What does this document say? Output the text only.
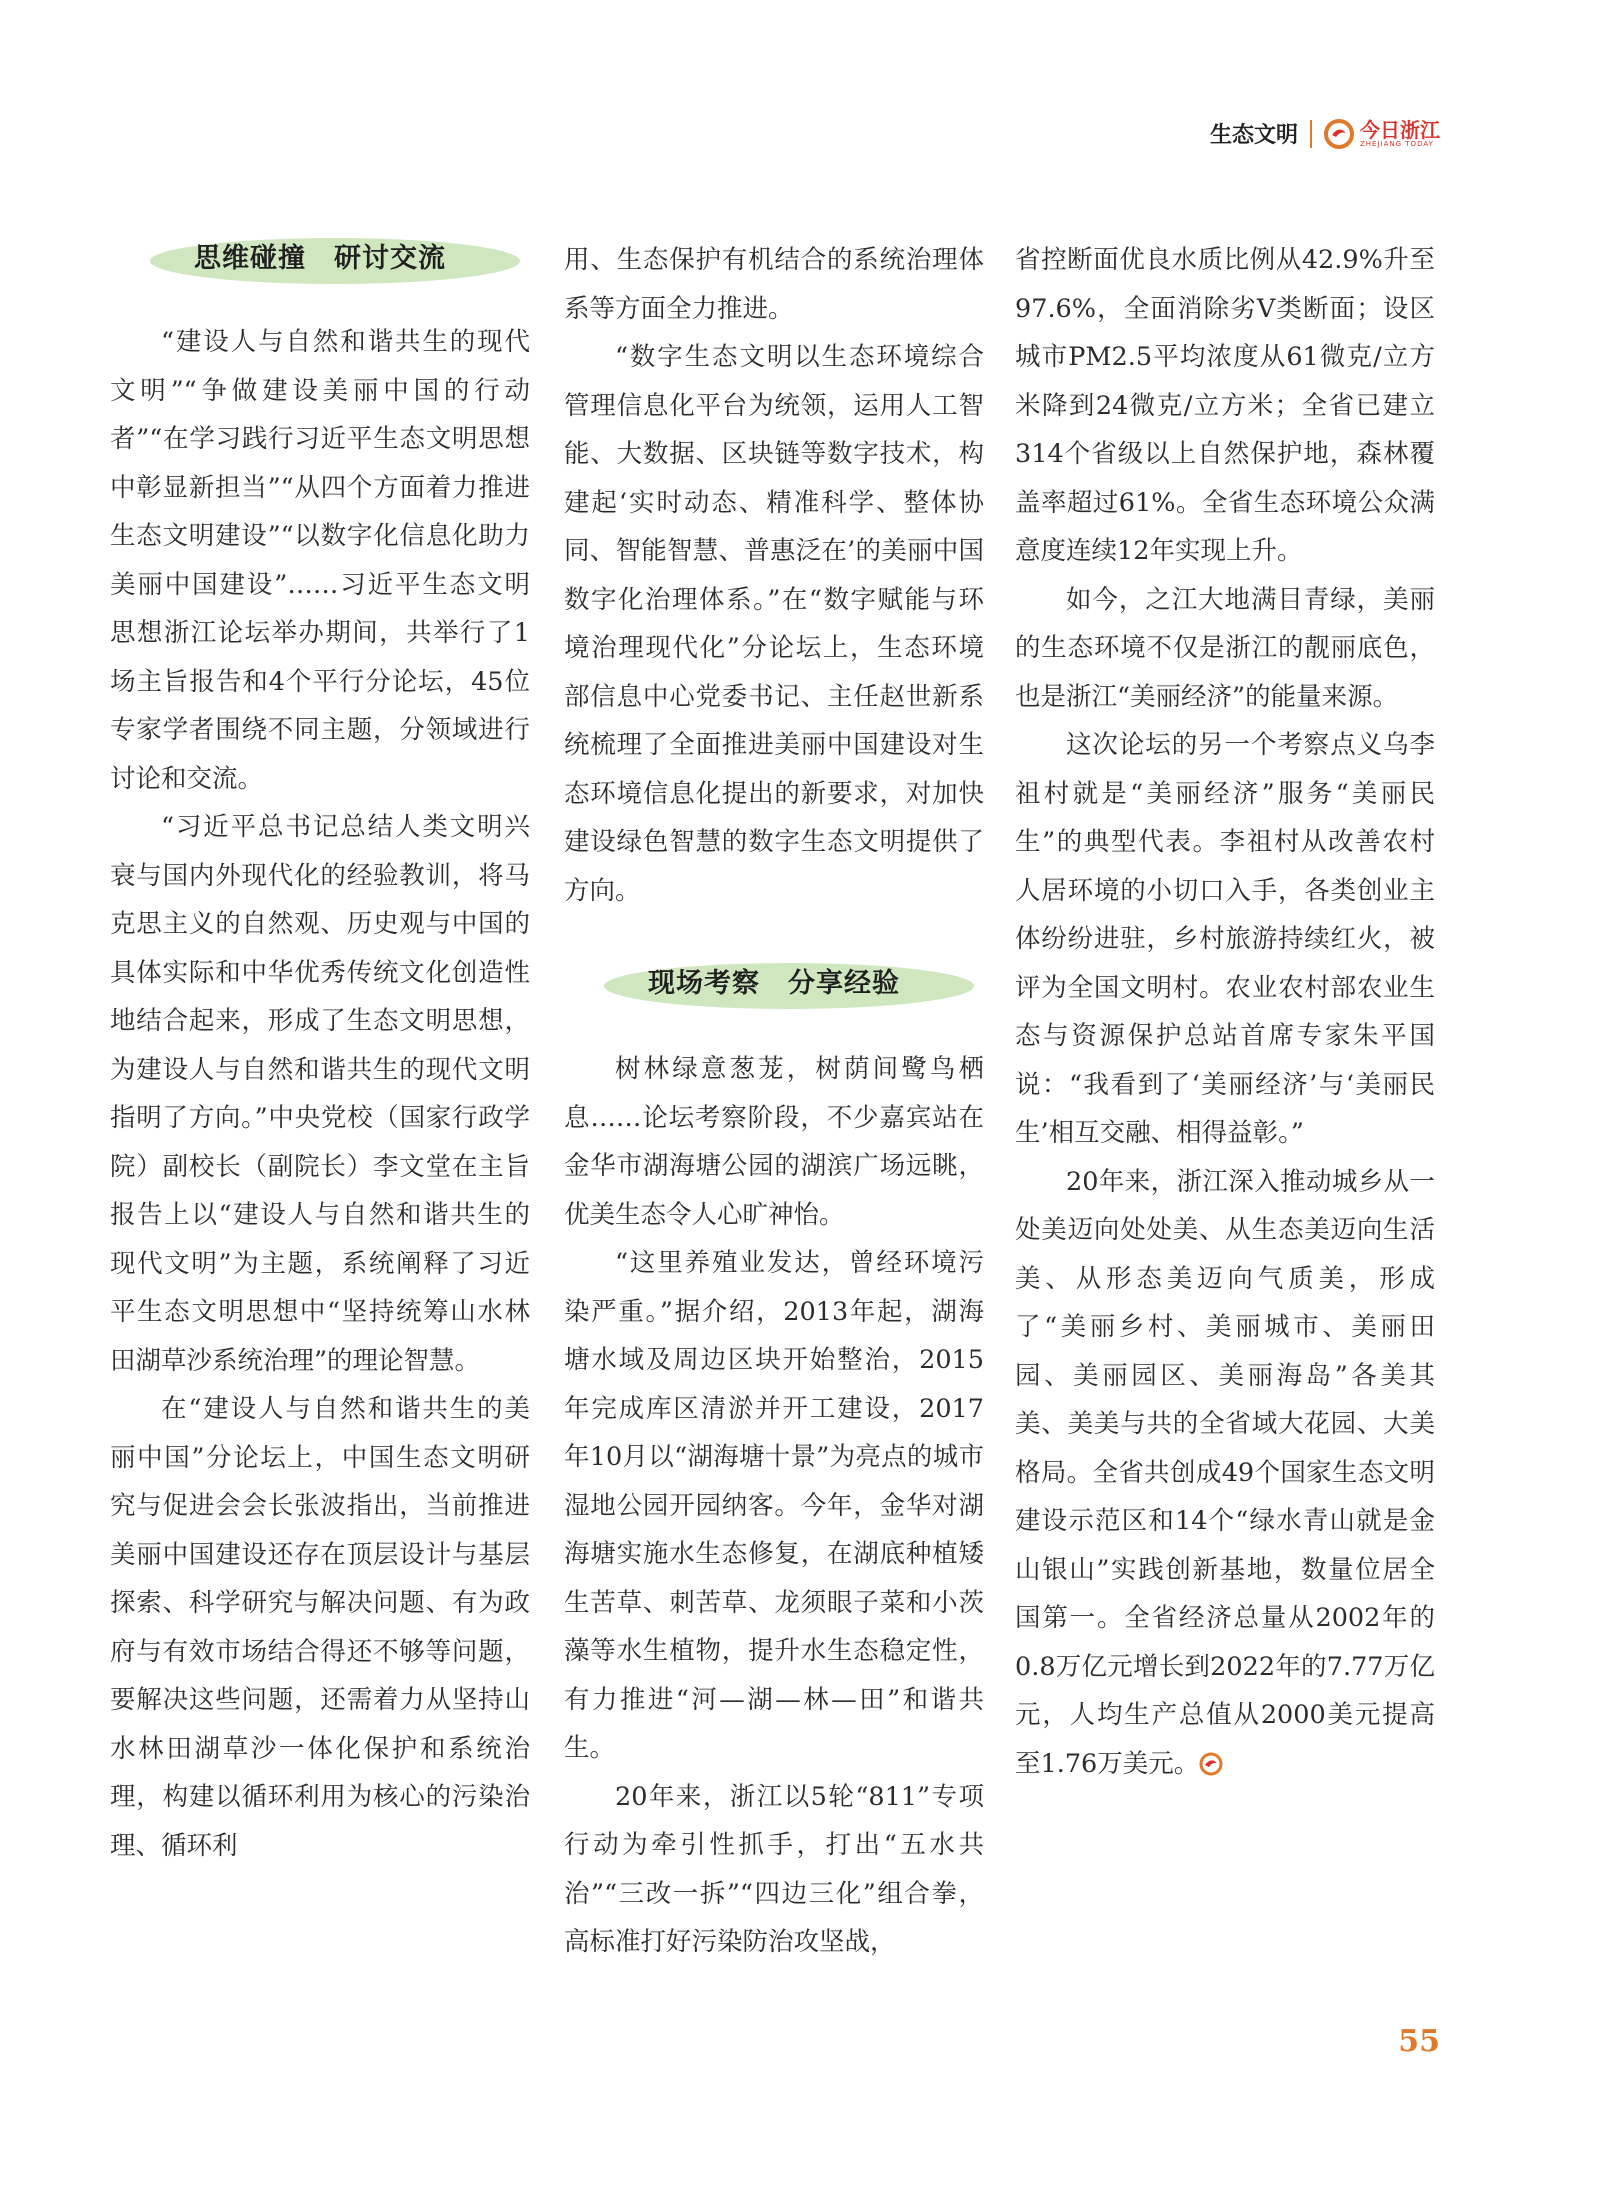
生态文明	今日浙江
ZHEJIANG TODAY
思维碰撞　研讨交流

“建设人与自然和谐共生的现代文明”“争做建设美丽中国的行动者”“在学习践行习近平生态文明思想中彰显新担当”“从四个方面着力推进生态文明建设”“以数字化信息化助力美丽中国建设”……习近平生态文明思想浙江论坛举办期间，共举行了1场主旨报告和4个平行分论坛，45位专家学者围绕不同主题，分领域进行讨论和交流。

“习近平总书记总结人类文明兴衰与国内外现代化的经验教训，将马克思主义的自然观、历史观与中国的具体实际和中华优秀传统文化创造性地结合起来，形成了生态文明思想，为建设人与自然和谐共生的现代文明指明了方向。”中央党校（国家行政学院）副校长（副院长）李文堂在主旨报告上以“建设人与自然和谐共生的现代文明”为主题，系统阐释了习近平生态文明思想中“坚持统筹山水林田湖草沙系统治理”的理论智慧。

在“建设人与自然和谐共生的美丽中国”分论坛上，中国生态文明研究与促进会会长张波指出，当前推进美丽中国建设还存在顶层设计与基层探索、科学研究与解决问题、有为政府与有效市场结合得还不够等问题，要解决这些问题，还需着力从坚持山水林田湖草沙一体化保护和系统治理，构建以循环利用为核心的污染治理、循环利

用、生态保护有机结合的系统治理体系等方面全力推进。

“数字生态文明以生态环境综合管理信息化平台为统领，运用人工智能、大数据、区块链等数字技术，构建起‘实时动态、精准科学、整体协同、智能智慧、普惠泛在’的美丽中国数字化治理体系。”在“数字赋能与环境治理现代化”分论坛上，生态环境部信息中心党委书记、主任赵世新系统梳理了全面推进美丽中国建设对生态环境信息化提出的新要求，对加快建设绿色智慧的数字生态文明提供了方向。

现场考察　分享经验

树林绿意葱茏，树荫间鹭鸟栖息……论坛考察阶段，不少嘉宾站在金华市湖海塘公园的湖滨广场远眺，优美生态令人心旷神怡。

“这里养殖业发达，曾经环境污染严重。”据介绍，2013年起，湖海塘水域及周边区块开始整治，2015年完成库区清淤并开工建设，2017年10月以“湖海塘十景”为亮点的城市湿地公园开园纳客。今年，金华对湖海塘实施水生态修复，在湖底种植矮生苦草、刺苦草、龙须眼子菜和小茨藻等水生植物，提升水生态稳定性，有力推进“河—湖—林—田”和谐共生。

20年来，浙江以5轮“811”专项行动为牵引性抓手，打出“五水共治”“三改一拆”“四边三化”组合拳，高标准打好污染防治攻坚战，

省控断面优良水质比例从42.9%升至97.6%，全面消除劣Ⅴ类断面；设区城市PM2.5平均浓度从61微克/立方米降到24微克/立方米；全省已建立314个省级以上自然保护地，森林覆盖率超过61%。全省生态环境公众满意度连续12年实现上升。

如今，之江大地满目青绿，美丽的生态环境不仅是浙江的靓丽底色，也是浙江“美丽经济”的能量来源。

这次论坛的另一个考察点义乌李祖村就是“美丽经济”服务“美丽民生”的典型代表。李祖村从改善农村人居环境的小切口入手，各类创业主体纷纷进驻，乡村旅游持续红火，被评为全国文明村。农业农村部农业生态与资源保护总站首席专家朱平国说：“我看到了‘美丽经济’与‘美丽民生’相互交融、相得益彰。”

20年来，浙江深入推动城乡从一处美迈向处处美、从生态美迈向生活美、从形态美迈向气质美，形成了“美丽乡村、美丽城市、美丽田园、美丽园区、美丽海岛”各美其美、美美与共的全省域大花园、大美格局。全省共创成49个国家生态文明建设示范区和14个“绿水青山就是金山银山”实践创新基地，数量位居全国第一。全省经济总量从2002年的0.8万亿元增长到2022年的7.77万亿元，人均生产总值从2000美元提高至1.76万美元。

55
